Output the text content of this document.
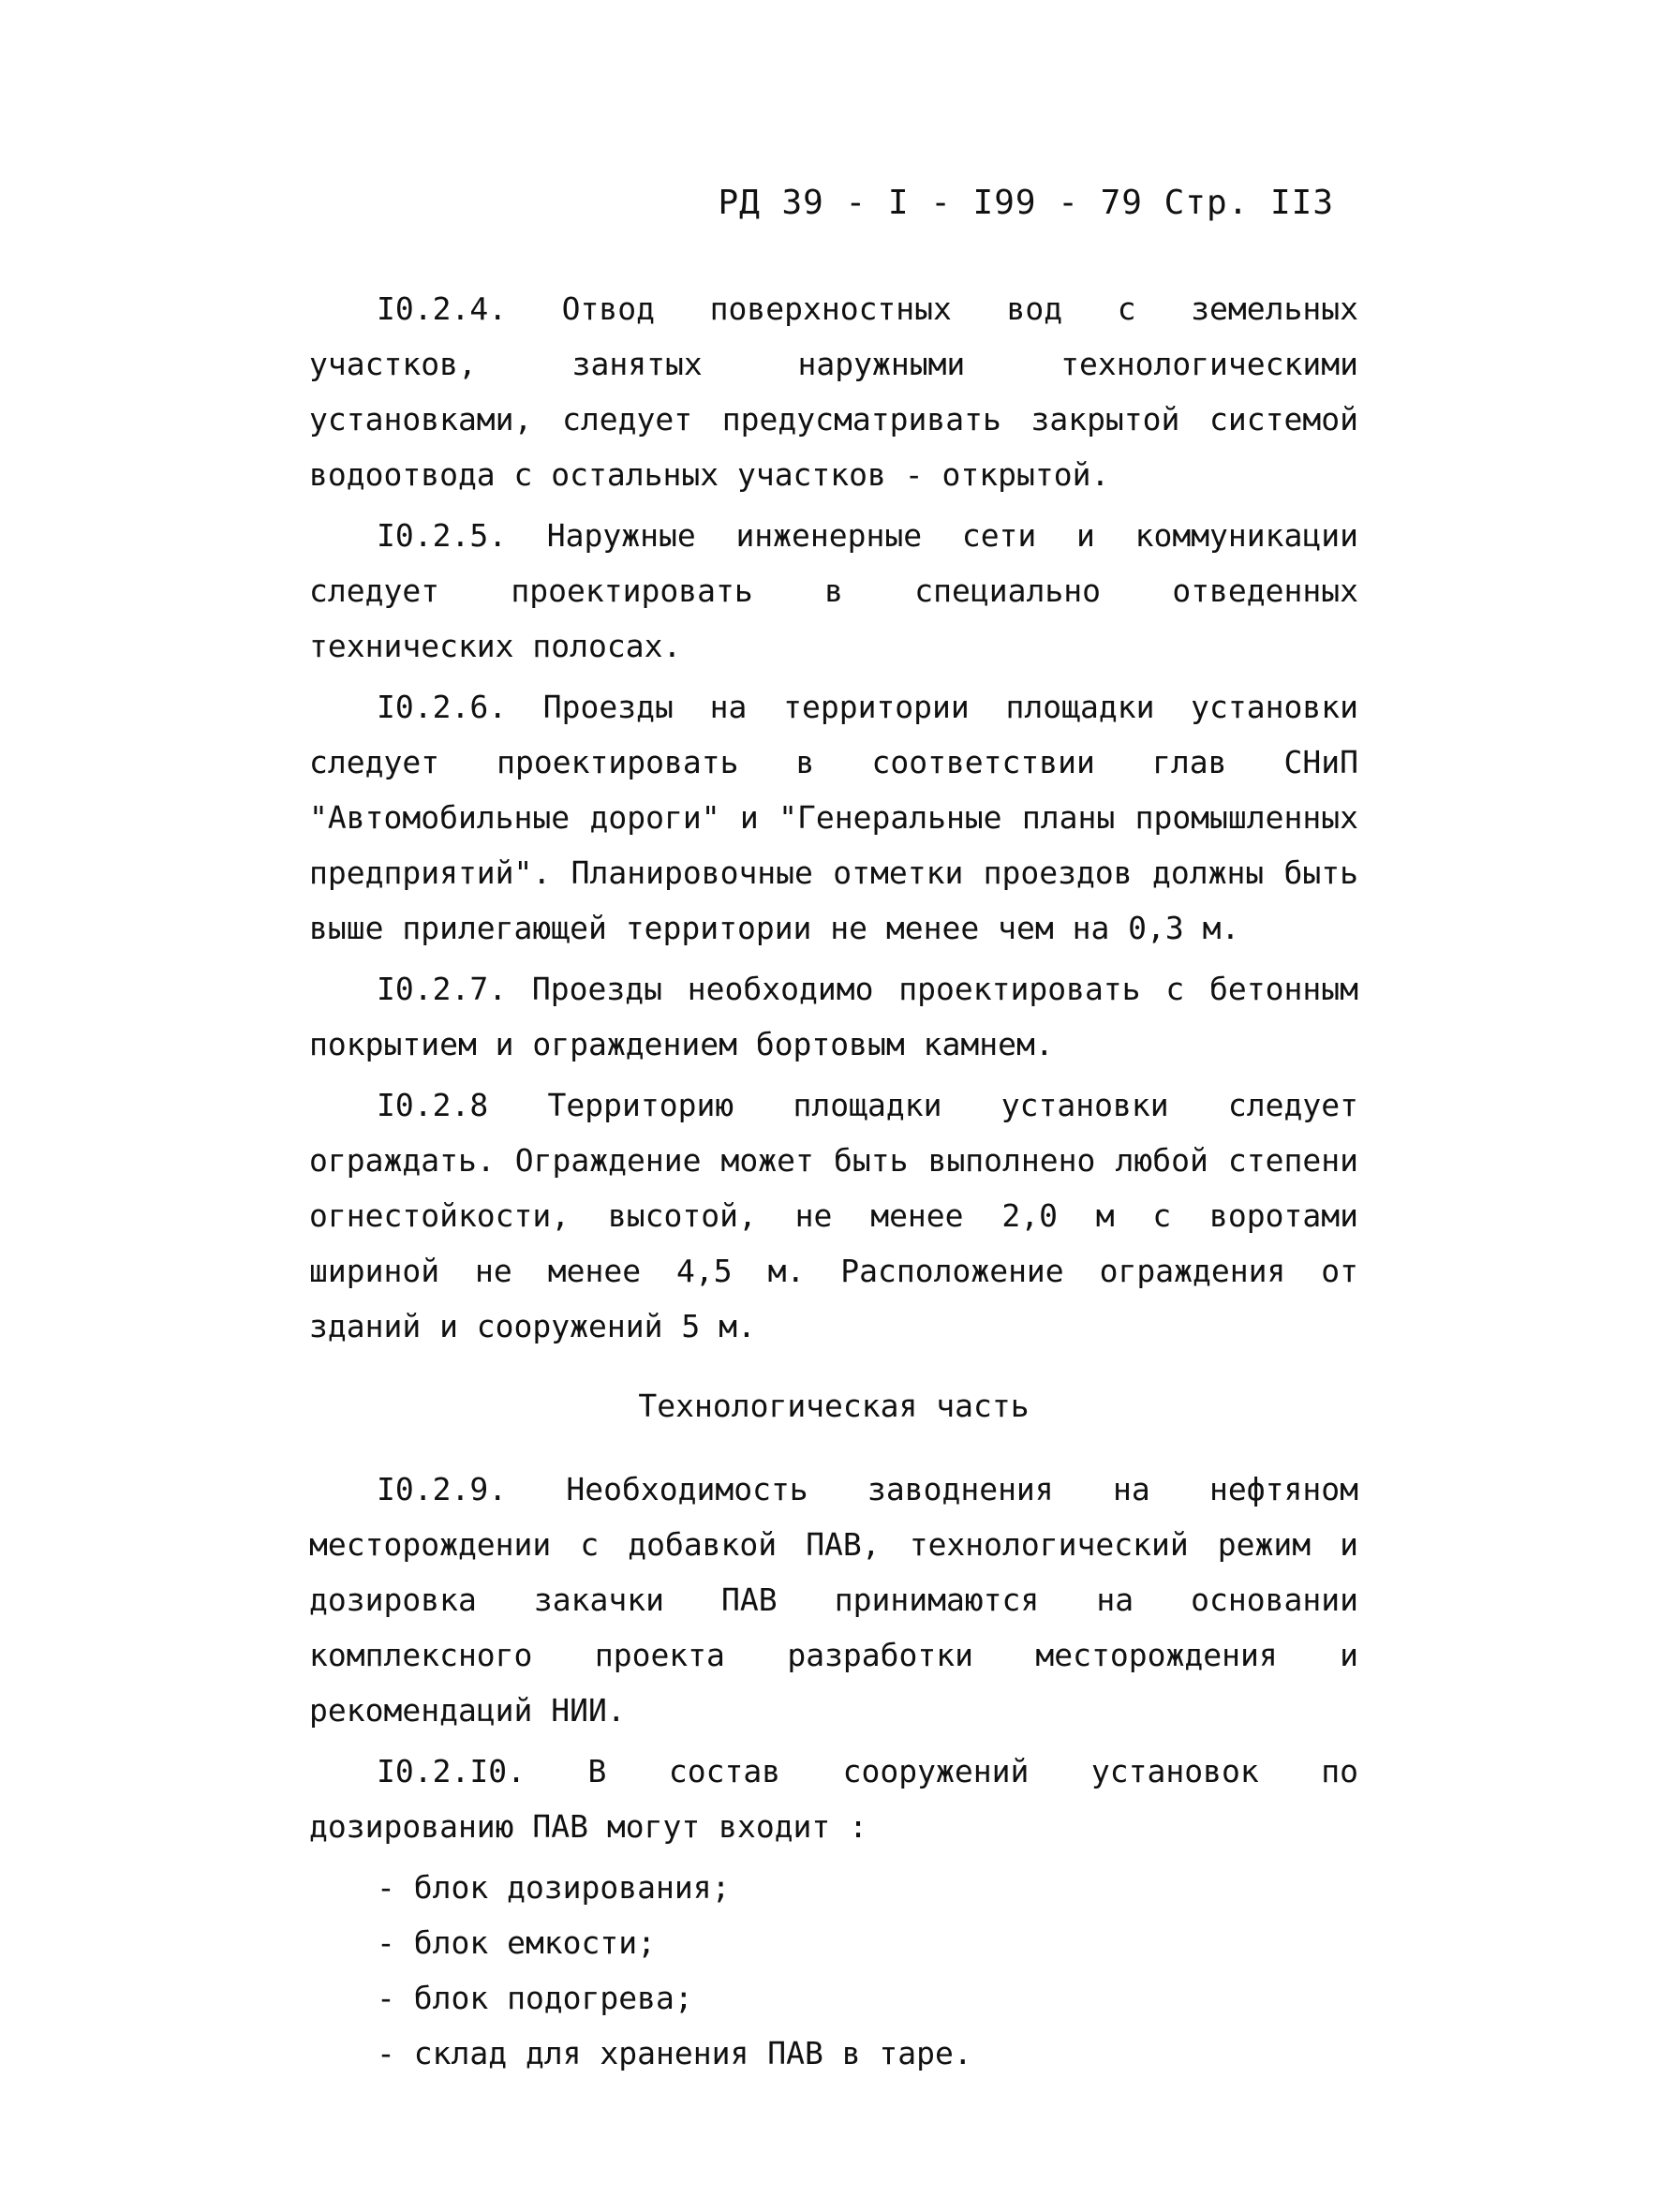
РД 39 - I - I99 - 79 Стр. II3

I0.2.4. Отвод поверхностных вод с земельных участков, занятых наружными технологическими установками, следует предусматривать закрытой системой водоотвода с остальных участков - открытой.

I0.2.5. Наружные инженерные сети и коммуникации следует проектировать в специально отведенных технических полосах.

I0.2.6. Проезды на территории площадки установки следует проектировать в соответствии глав СНиП "Автомобильные дороги" и "Генеральные планы промышленных предприятий". Планировочные отметки проездов должны быть выше прилегающей территории не менее чем на 0,3 м.

I0.2.7. Проезды необходимо проектировать с бетонным покрытием и ограждением бортовым камнем.

I0.2.8 Территорию площадки установки следует ограждать. Ограждение может быть выполнено любой степени огнестойкости, высотой, не менее 2,0 м с воротами шириной не менее 4,5 м. Расположение ограждения от зданий и сооружений 5 м.

Технологическая часть

I0.2.9. Необходимость заводнения на нефтяном месторождении с добавкой ПАВ, технологический режим и дозировка закачки ПАВ принимаются на основании комплексного проекта разработки месторождения и рекомендаций НИИ.

I0.2.I0. В состав сооружений установок по дозированию ПАВ могут входит :

- блок дозирования;
- блок емкости;
- блок подогрева;
- склад для хранения ПАВ в таре.
